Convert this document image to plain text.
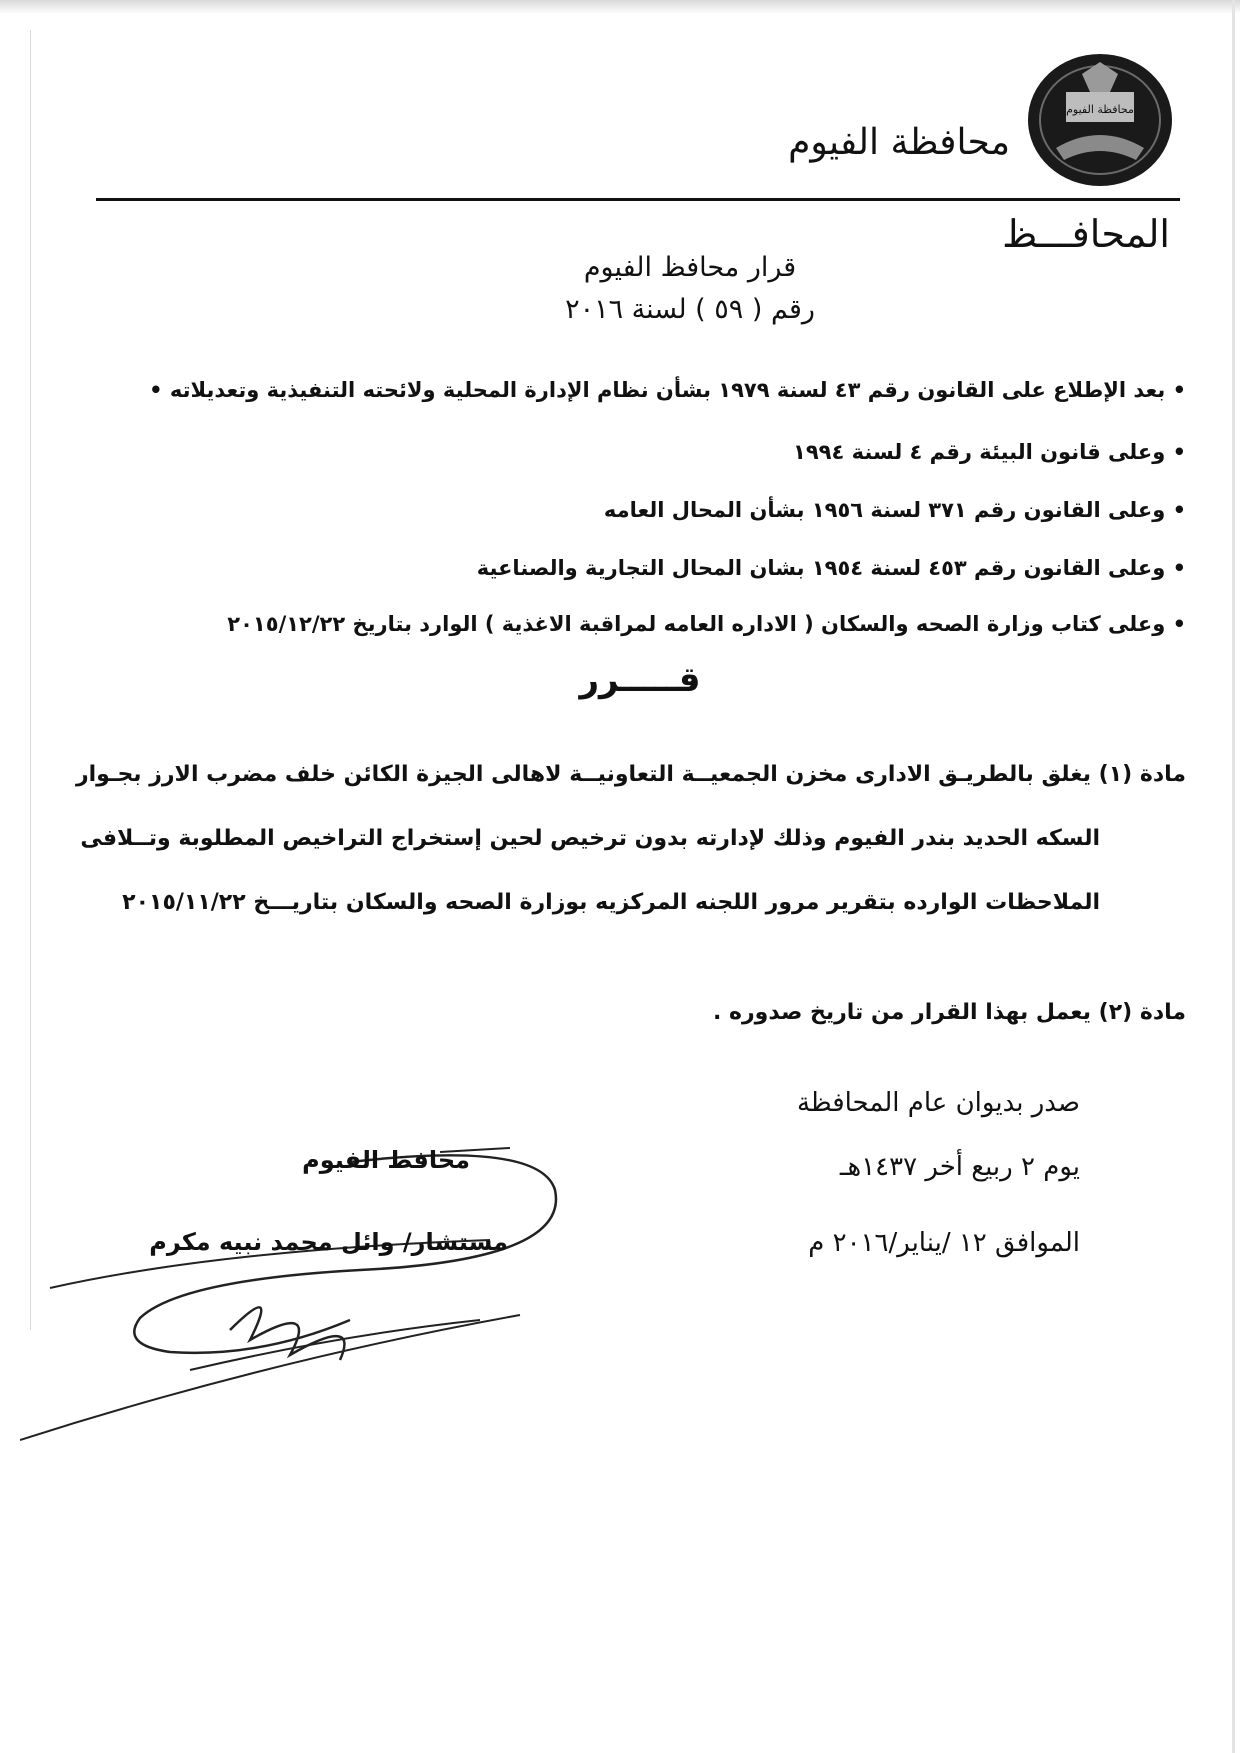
محافظة الفيوم
محافظة الفيوم
المحافـــظ
قرار محافظ الفيوم
رقم ( ٥٩ ) لسنة ٢٠١٦
• بعد الإطلاع على القانون رقم ٤٣ لسنة ١٩٧٩ بشأن نظام الإدارة المحلية ولائحته التنفيذية وتعديلاته •
• وعلى قانون البيئة رقم ٤ لسنة ١٩٩٤
• وعلى القانون رقم ٣٧١ لسنة ١٩٥٦ بشأن المحال العامه
• وعلى القانون رقم ٤٥٣ لسنة ١٩٥٤ بشان المحال التجارية والصناعية
• وعلى كتاب وزارة الصحه والسكان ( الاداره العامه لمراقبة الاغذية ) الوارد بتاريخ ٢٠١٥/١٢/٢٢
قـــــرر
مادة (١) يغلق بالطريـق الادارى مخزن الجمعيــة التعاونيــة لاهالى الجيزة الكائن خلف مضرب الارز بجـوار
السكه الحديد بندر الفيوم وذلك لإدارته بدون ترخيص لحين إستخراج التراخيص المطلوبة وتــلافى
الملاحظات الوارده بتقرير مرور اللجنه المركزيه بوزارة الصحه والسكان بتاريـــخ ٢٠١٥/١١/٢٢
مادة (٢) يعمل بهذا القرار من تاريخ صدوره .
صدر بديوان عام المحافظة
يوم ٢ ربيع أخر ١٤٣٧هـ
الموافق ١٢ /يناير/٢٠١٦ م
محافظ الفيوم
مستشار/ وائل محمد نبيه مكرم
